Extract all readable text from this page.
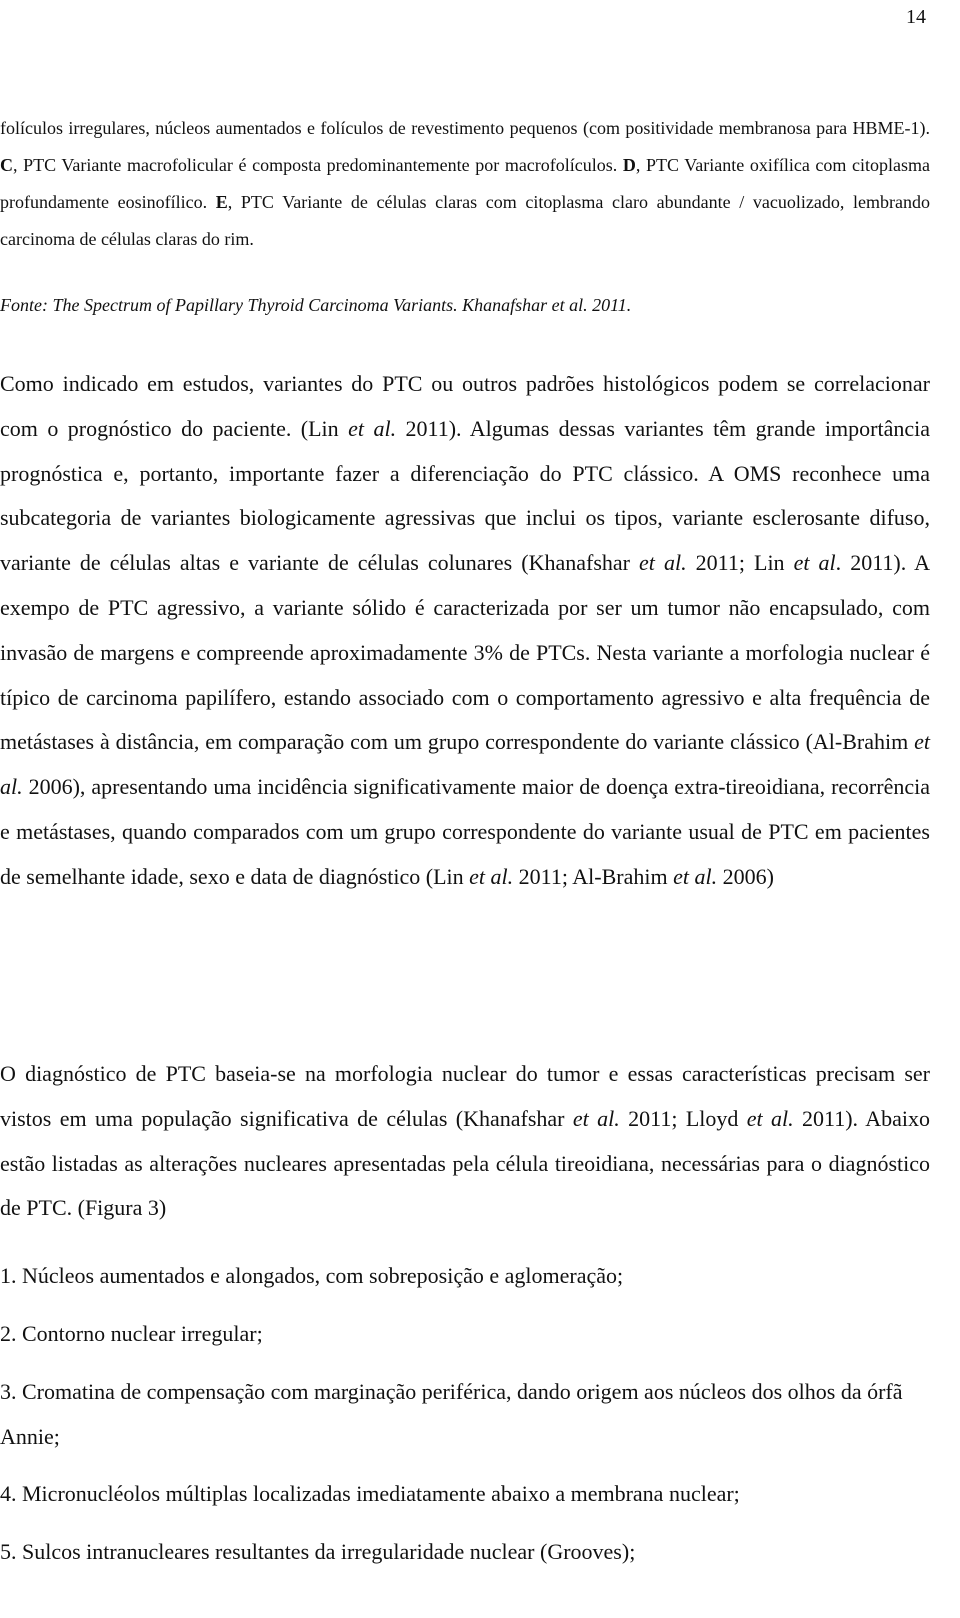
14

folículos irregulares, núcleos aumentados e folículos de revestimento pequenos (com positividade membranosa para HBME-1). C, PTC Variante macrofolicular é composta predominantemente por macrofolículos. D, PTC Variante oxifílica com citoplasma profundamente eosinofílico. E, PTC Variante de células claras com citoplasma claro abundante / vacuolizado, lembrando carcinoma de células claras do rim.

Fonte: The Spectrum of Papillary Thyroid Carcinoma Variants. Khanafshar et al. 2011.

Como indicado em estudos, variantes do PTC ou outros padrões histológicos podem se correlacionar com o prognóstico do paciente. (Lin et al. 2011). Algumas dessas variantes têm grande importância prognóstica e, portanto, importante fazer a diferenciação do PTC clássico. A OMS reconhece uma subcategoria de variantes biologicamente agressivas que inclui os tipos, variante esclerosante difuso, variante de células altas e variante de células colunares (Khanafshar et al. 2011; Lin et al. 2011). A exempo de PTC agressivo, a variante sólido é caracterizada por ser um tumor não encapsulado, com invasão de margens e compreende aproximadamente 3% de PTCs. Nesta variante a morfologia nuclear é típico de carcinoma papilífero, estando associado com o comportamento agressivo e alta frequência de metástases à distância, em comparação com um grupo correspondente do variante clássico (Al-Brahim et al. 2006), apresentando uma incidência significativamente maior de doença extra-tireoidiana, recorrência e metástases, quando comparados com um grupo correspondente do variante usual de PTC em pacientes de semelhante idade, sexo e data de diagnóstico (Lin et al. 2011; Al-Brahim et al. 2006)

O diagnóstico de PTC baseia-se na morfologia nuclear do tumor e essas características precisam ser vistos em uma população significativa de células (Khanafshar et al. 2011; Lloyd et al. 2011). Abaixo estão listadas as alterações nucleares apresentadas pela célula tireoidiana, necessárias para o diagnóstico de PTC. (Figura 3)

1. Núcleos aumentados e alongados, com sobreposição e aglomeração;

2. Contorno nuclear irregular;

3. Cromatina de compensação com marginação periférica, dando origem aos núcleos dos olhos da órfã Annie;

4. Micronucléolos múltiplas localizadas imediatamente abaixo a membrana nuclear;

5. Sulcos intranucleares resultantes da irregularidade nuclear (Grooves);
